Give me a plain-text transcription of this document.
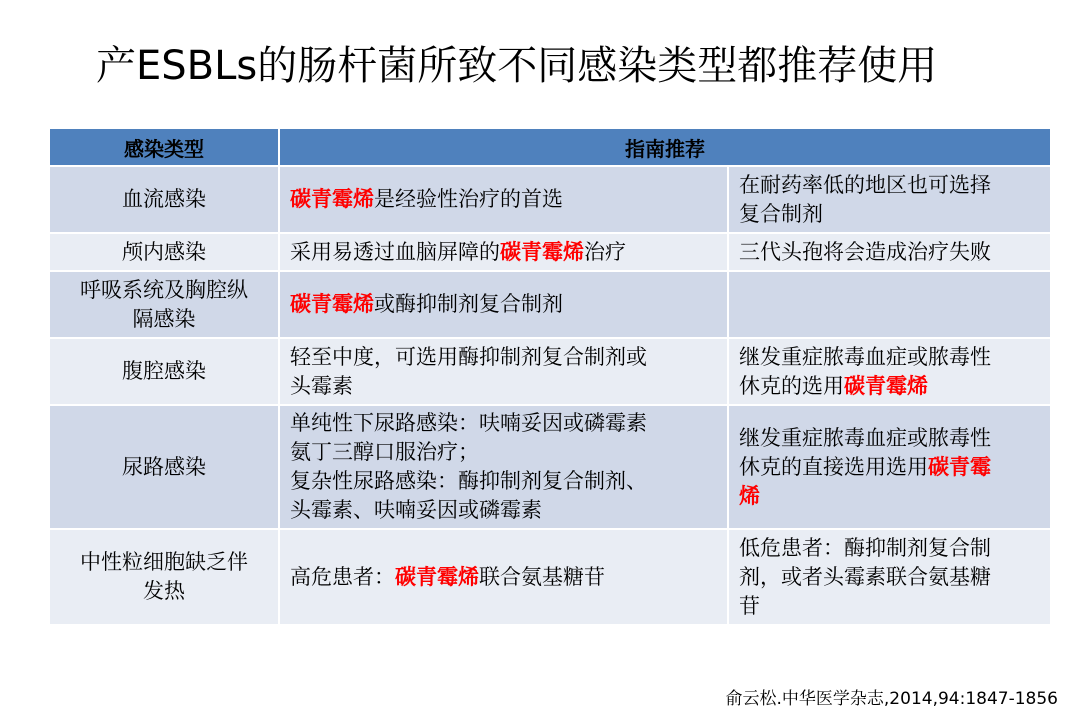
产ESBLs的肠杆菌所致不同感染类型都推荐使用
感染类型	指南推荐	

血流感染	碳青霉烯是经验性治疗的首选	在耐药率低的地区也可选择
复合制剂

颅内感染	采用易透过血脑屏障的碳青霉烯治疗	三代头孢将会造成治疗失败

呼吸系统及胸腔纵
隔感染	碳青霉烯或酶抑制剂复合制剂	

腹腔感染	轻至中度，可选用酶抑制剂复合制剂或
头霉素	继发重症脓毒血症或脓毒性
休克的选用碳青霉烯

尿路感染	单纯性下尿路感染：呋喃妥因或磷霉素
氨丁三醇口服治疗；
复杂性尿路感染：酶抑制剂复合制剂、
头霉素、呋喃妥因或磷霉素	继发重症脓毒血症或脓毒性
休克的直接选用选用碳青霉
烯

中性粒细胞缺乏伴
发热	高危患者：碳青霉烯联合氨基糖苷	低危患者：酶抑制剂复合制
剂，或者头霉素联合氨基糖
苷
俞云松.中华医学杂志,2014,94:1847-1856
